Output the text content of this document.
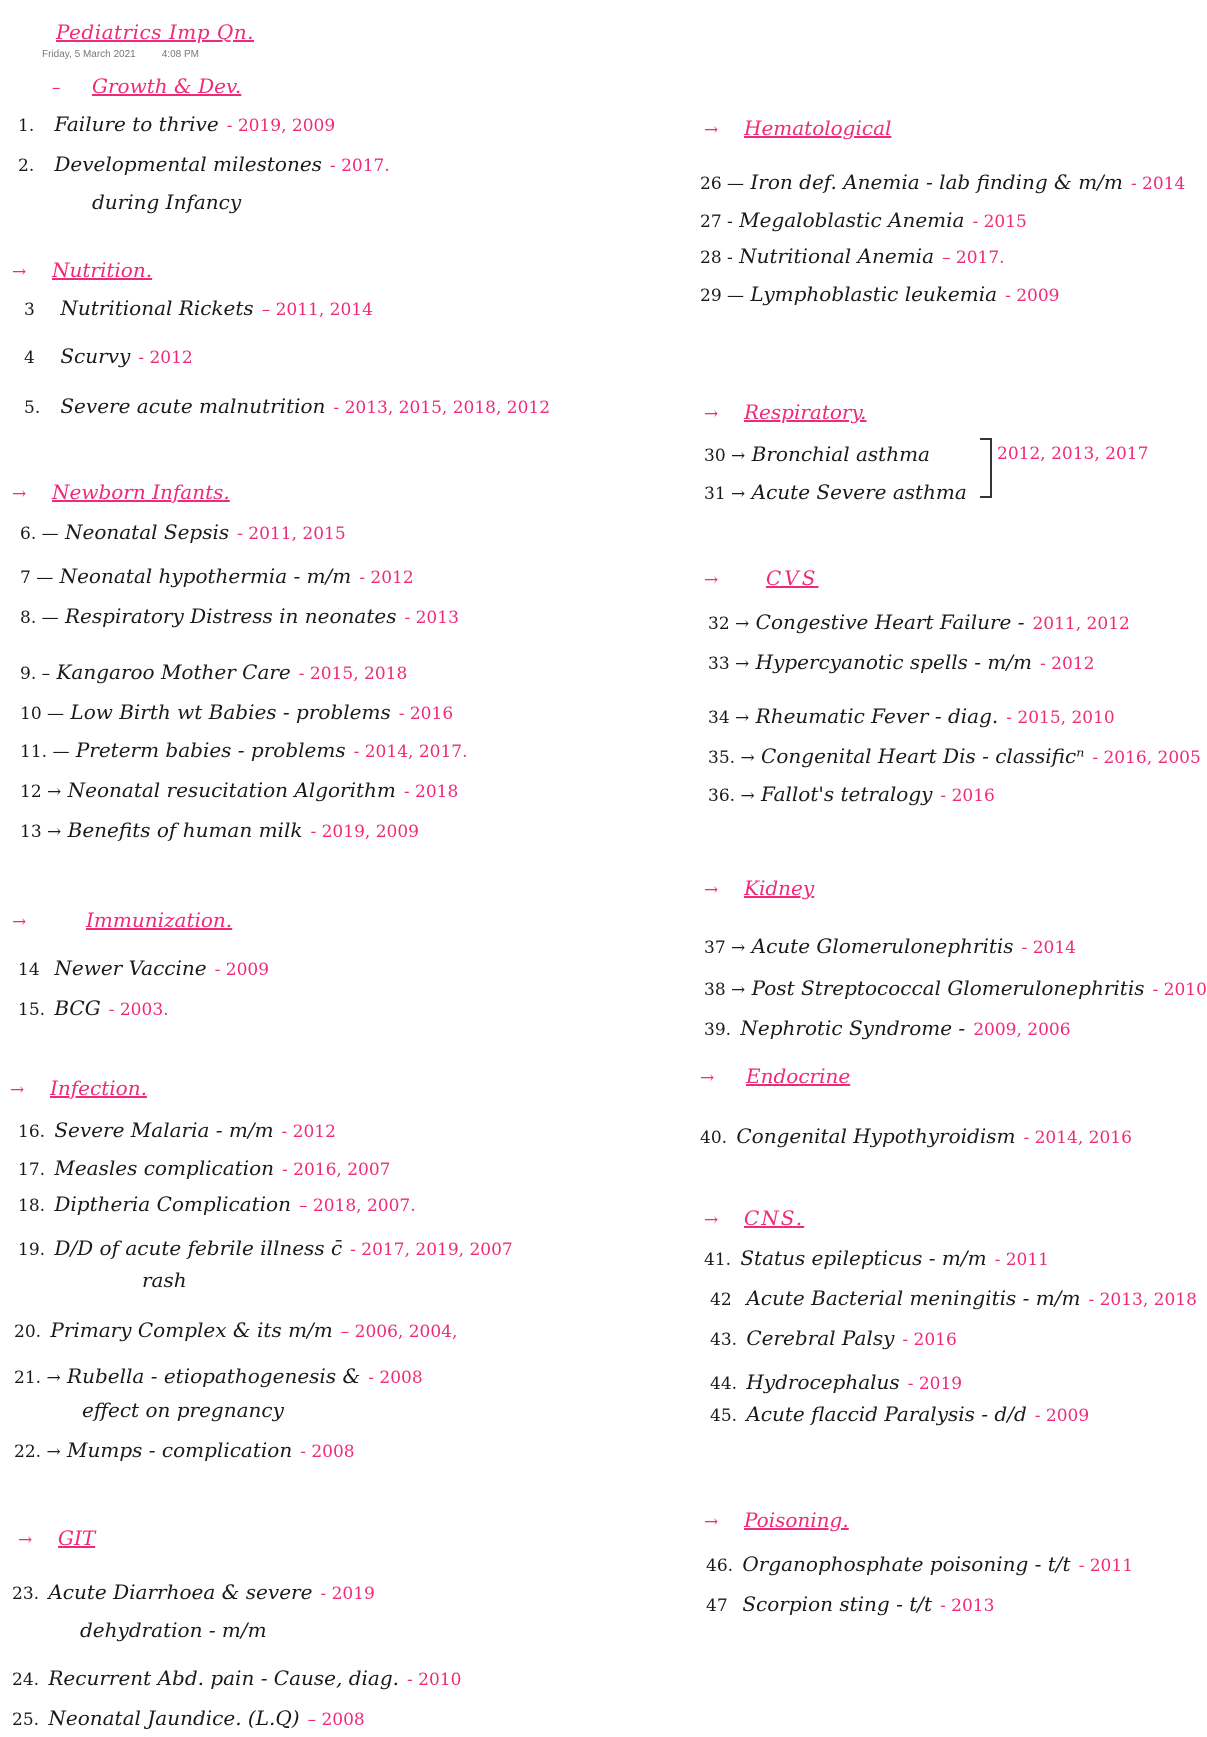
Pediatrics Imp Qn.
Friday, 5 March 2021	4:08 PM
– Growth & Dev.
1. Failure to thrive - 2019, 2009
2. Developmental milestones - 2017.
during Infancy
→ Nutrition.
3 Nutritional Rickets – 2011, 2014
4 Scurvy - 2012
5. Severe acute malnutrition - 2013, 2015, 2018, 2012
→ Newborn Infants.
6. — Neonatal Sepsis - 2011, 2015
7 — Neonatal hypothermia - m/m - 2012
8. — Respiratory Distress in neonates - 2013
9. – Kangaroo Mother Care - 2015, 2018
10 — Low Birth wt Babies - problems - 2016
11. — Preterm babies - problems - 2014, 2017.
12 → Neonatal resucitation Algorithm - 2018
13 → Benefits of human milk - 2019, 2009
→	Immunization.
14 Newer Vaccine - 2009
15. BCG - 2003.
→ Infection.
16. Severe Malaria - m/m - 2012
17. Measles complication - 2016, 2007
18. Diptheria Complication – 2018, 2007.
19. D/D of acute febrile illness c̄ - 2017, 2019, 2007
rash
20. Primary Complex & its m/m – 2006, 2004,
21. → Rubella - etiopathogenesis & - 2008
effect on pregnancy
22. → Mumps - complication - 2008
→ GIT
23. Acute Diarrhoea & severe - 2019
dehydration - m/m
24. Recurrent Abd. pain - Cause, diag. - 2010
25. Neonatal Jaundice. (L.Q) – 2008
→ Hematological
26 — Iron def. Anemia - lab finding & m/m - 2014
27 - Megaloblastic Anemia - 2015
28 - Nutritional Anemia – 2017.
29 — Lymphoblastic leukemia - 2009
→ Respiratory.
30 → Bronchial asthma
31 → Acute Severe asthma
2012, 2013, 2017
→ CVS
32 → Congestive Heart Failure - 2011, 2012
33 → Hypercyanotic spells - m/m - 2012
34 → Rheumatic Fever - diag. - 2015, 2010
35. → Congenital Heart Dis - classificⁿ - 2016, 2005
36. → Fallot's tetralogy - 2016
→ Kidney
37 → Acute Glomerulonephritis - 2014
38 → Post Streptococcal Glomerulonephritis - 2010
39. Nephrotic Syndrome - 2009, 2006
→ Endocrine
40. Congenital Hypothyroidism - 2014, 2016
→ CNS.
41. Status epilepticus - m/m - 2011
42 Acute Bacterial meningitis - m/m - 2013, 2018
43. Cerebral Palsy - 2016
44. Hydrocephalus - 2019
45. Acute flaccid Paralysis - d/d - 2009
→ Poisoning.
46. Organophosphate poisoning - t/t - 2011
47 Scorpion sting - t/t - 2013
